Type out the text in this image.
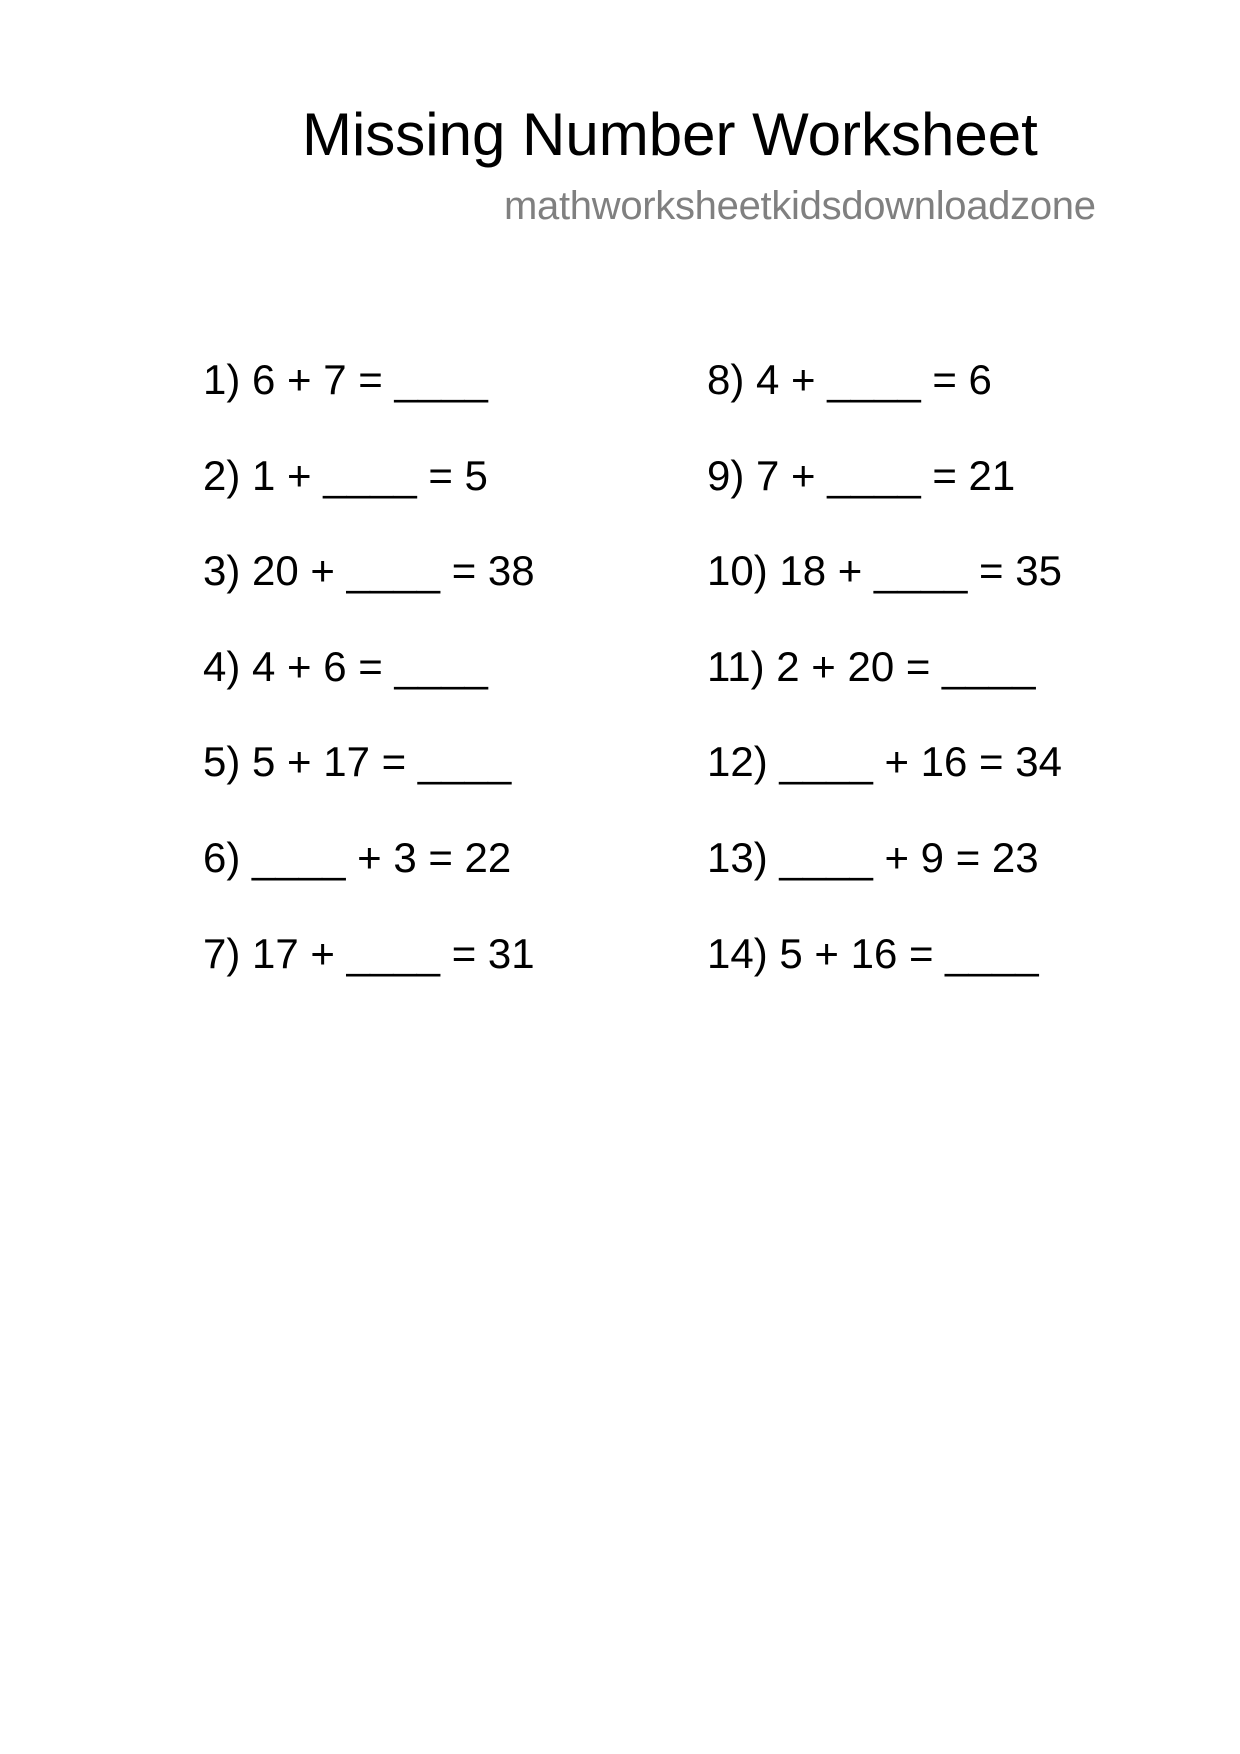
Missing Number Worksheet
mathworksheetkidsdownloadzone
1) 6 + 7 = ____
2) 1 + ____ = 5
3) 20 + ____ = 38
4) 4 + 6 = ____
5) 5 + 17 = ____
6) ____ + 3 = 22
7) 17 + ____ = 31
8) 4 + ____ = 6
9) 7 + ____ = 21
10) 18 + ____ = 35
11) 2 + 20 = ____
12) ____ + 16 = 34
13) ____ + 9 = 23
14) 5 + 16 = ____
